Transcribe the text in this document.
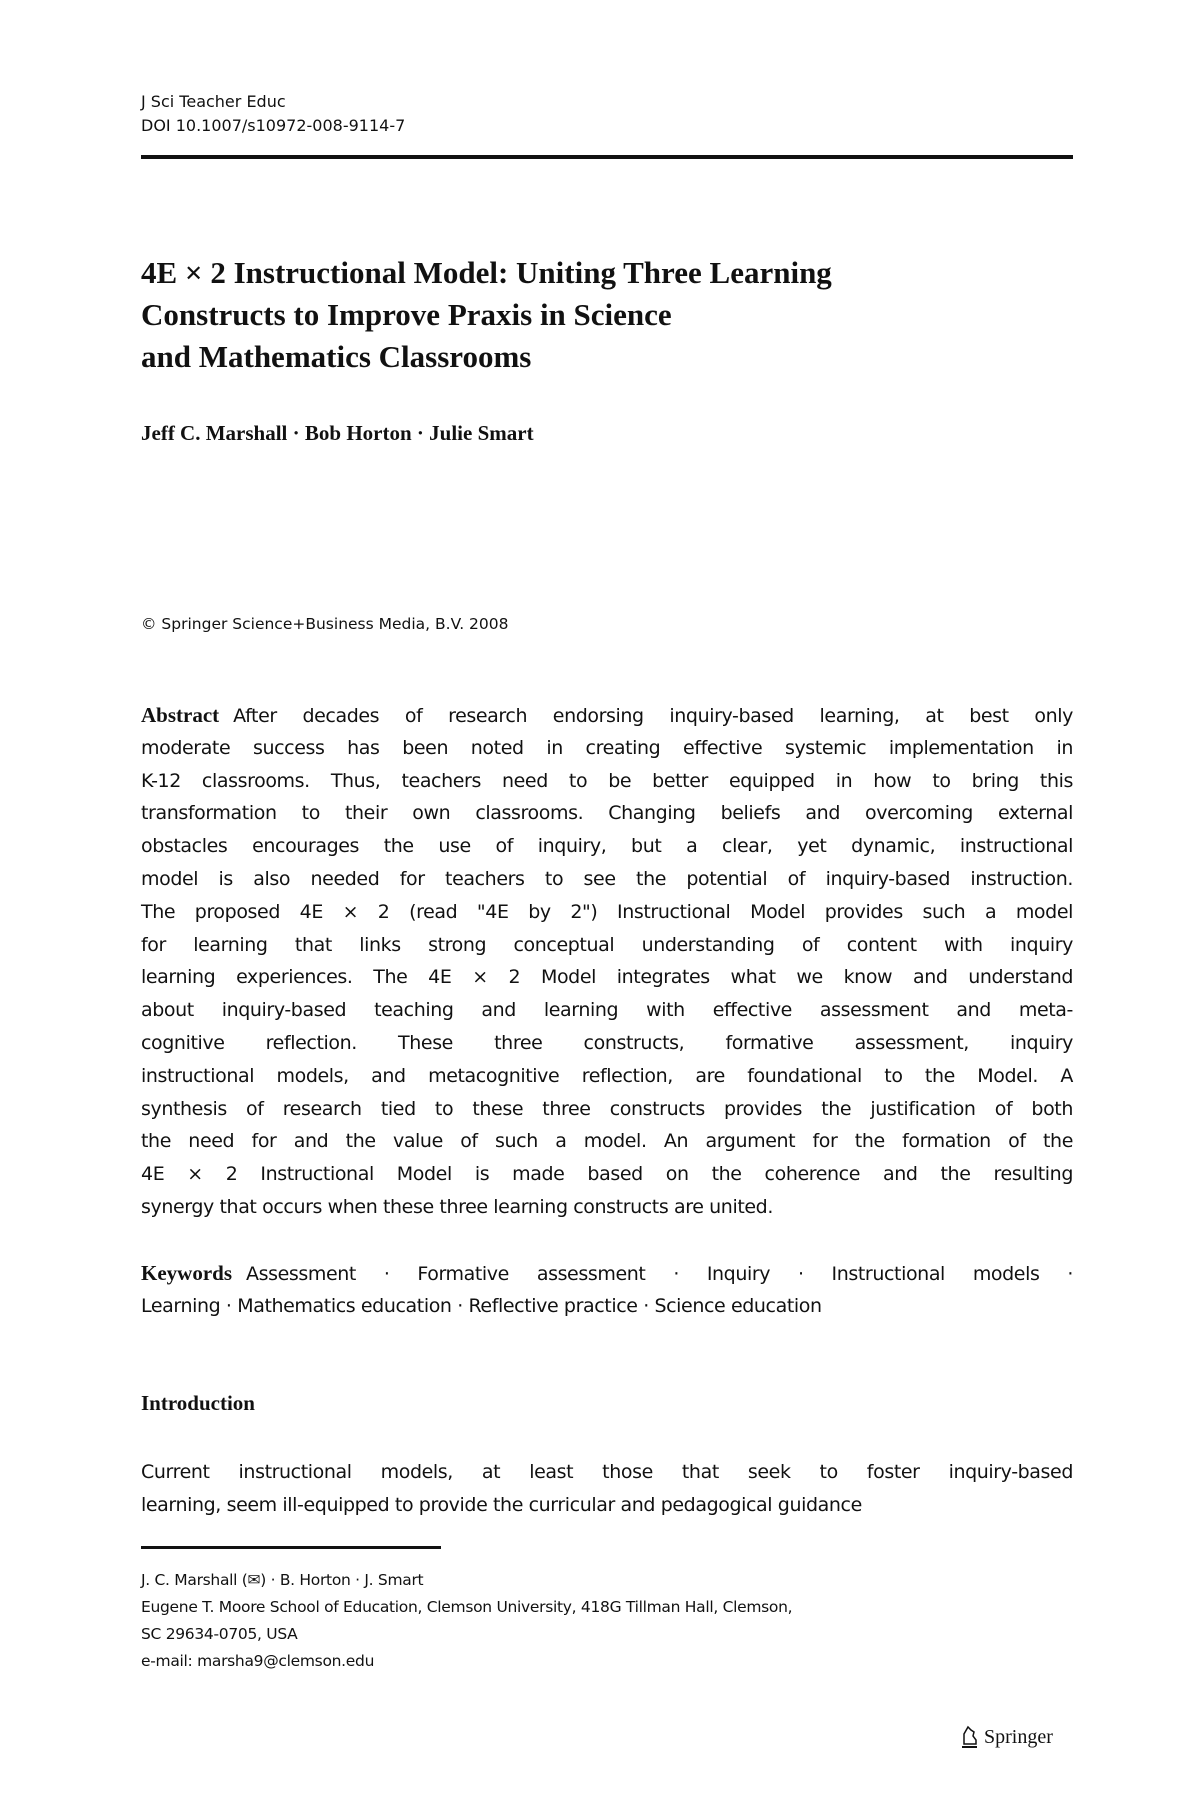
J Sci Teacher Educ
DOI 10.1007/s10972-008-9114-7
4E × 2 Instructional Model: Uniting Three Learning
Constructs to Improve Praxis in Science
and Mathematics Classrooms
Jeff C. Marshall · Bob Horton · Julie Smart
© Springer Science+Business Media, B.V. 2008
Abstract After decades of research endorsing inquiry-based learning, at best only
moderate success has been noted in creating effective systemic implementation in
K-12 classrooms. Thus, teachers need to be better equipped in how to bring this
transformation to their own classrooms. Changing beliefs and overcoming external
obstacles encourages the use of inquiry, but a clear, yet dynamic, instructional
model is also needed for teachers to see the potential of inquiry-based instruction.
The proposed 4E × 2 (read "4E by 2") Instructional Model provides such a model
for learning that links strong conceptual understanding of content with inquiry
learning experiences. The 4E × 2 Model integrates what we know and understand
about inquiry-based teaching and learning with effective assessment and meta-
cognitive reflection. These three constructs, formative assessment, inquiry
instructional models, and metacognitive reflection, are foundational to the Model. A
synthesis of research tied to these three constructs provides the justification of both
the need for and the value of such a model. An argument for the formation of the
4E × 2 Instructional Model is made based on the coherence and the resulting
synergy that occurs when these three learning constructs are united.
Keywords Assessment · Formative assessment · Inquiry · Instructional models ·
Learning · Mathematics education · Reflective practice · Science education
Introduction
Current instructional models, at least those that seek to foster inquiry-based
learning, seem ill-equipped to provide the curricular and pedagogical guidance
J. C. Marshall (✉) · B. Horton · J. Smart
Eugene T. Moore School of Education, Clemson University, 418G Tillman Hall, Clemson,
SC 29634-0705, USA
e-mail: marsha9@clemson.edu
Springer
